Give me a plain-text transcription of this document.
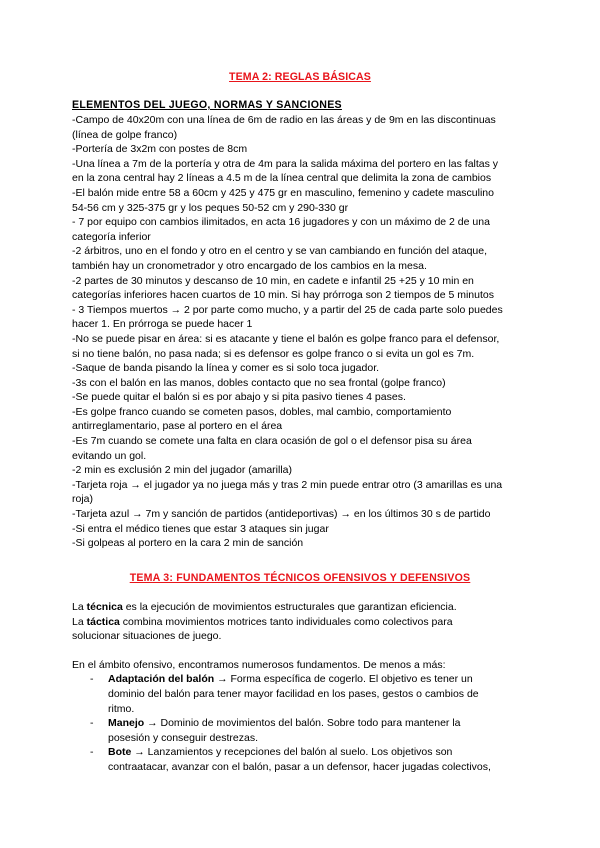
TEMA 2: REGLAS BÁSICAS
ELEMENTOS DEL JUEGO, NORMAS Y SANCIONES
-Campo de 40x20m con una línea de 6m de radio en las áreas y de 9m en las discontinuas
(línea de golpe franco)
-Portería de 3x2m con postes de 8cm
-Una línea a 7m de la portería y otra de 4m para la salida máxima del portero en las faltas y
en la zona central hay 2 líneas a 4.5 m de la línea central que delimita la zona de cambios
-El balón mide entre 58 a 60cm y 425 y 475 gr en masculino, femenino y cadete masculino
54-56 cm y 325-375 gr y los peques 50-52 cm y 290-330 gr
- 7 por equipo con cambios ilimitados, en acta 16 jugadores y con un máximo de 2 de una
categoría inferior
-2 árbitros, uno en el fondo y otro en el centro y se van cambiando en función del ataque,
también hay un cronometrador y otro encargado de los cambios en la mesa.
-2 partes de 30 minutos y descanso de 10 min, en cadete e infantil 25 +25 y 10 min en
categorías inferiores hacen cuartos de 10 min. Si hay prórroga son 2 tiempos de 5 minutos
- 3 Tiempos muertos → 2 por parte como mucho, y a partir del 25 de cada parte solo puedes
hacer 1. En prórroga se puede hacer 1
-No se puede pisar en área: si es atacante y tiene el balón es golpe franco para el defensor,
si no tiene balón, no pasa nada; si es defensor es golpe franco o si evita un gol es 7m.
-Saque de banda pisando la línea y comer es si solo toca jugador.
-3s con el balón en las manos, dobles contacto que no sea frontal (golpe franco)
-Se puede quitar el balón si es por abajo y si pita pasivo tienes 4 pases.
-Es golpe franco cuando se cometen pasos, dobles, mal cambio, comportamiento
antirreglamentario, pase al portero en el área
-Es 7m cuando se comete una falta en clara ocasión de gol o el defensor pisa su área
evitando un gol.
-2 min es exclusión 2 min del jugador (amarilla)
-Tarjeta roja → el jugador ya no juega más y tras 2 min puede entrar otro (3 amarillas es una
roja)
-Tarjeta azul → 7m y sanción de partidos (antideportivas) → en los últimos 30 s de partido
-Si entra el médico tienes que estar 3 ataques sin jugar
-Si golpeas al portero en la cara 2 min de sanción
TEMA 3: FUNDAMENTOS TÉCNICOS OFENSIVOS Y DEFENSIVOS
La técnica es la ejecución de movimientos estructurales que garantizan eficiencia.
La táctica combina movimientos motrices tanto individuales como colectivos para
solucionar situaciones de juego.
En el ámbito ofensivo, encontramos numerosos fundamentos. De menos a más:
- Adaptación del balón → Forma específica de cogerlo. El objetivo es tener un
dominio del balón para tener mayor facilidad en los pases, gestos o cambios de
ritmo.
- Manejo → Dominio de movimientos del balón. Sobre todo para mantener la
posesión y conseguir destrezas.
- Bote → Lanzamientos y recepciones del balón al suelo. Los objetivos son
contraatacar, avanzar con el balón, pasar a un defensor, hacer jugadas colectivos,
